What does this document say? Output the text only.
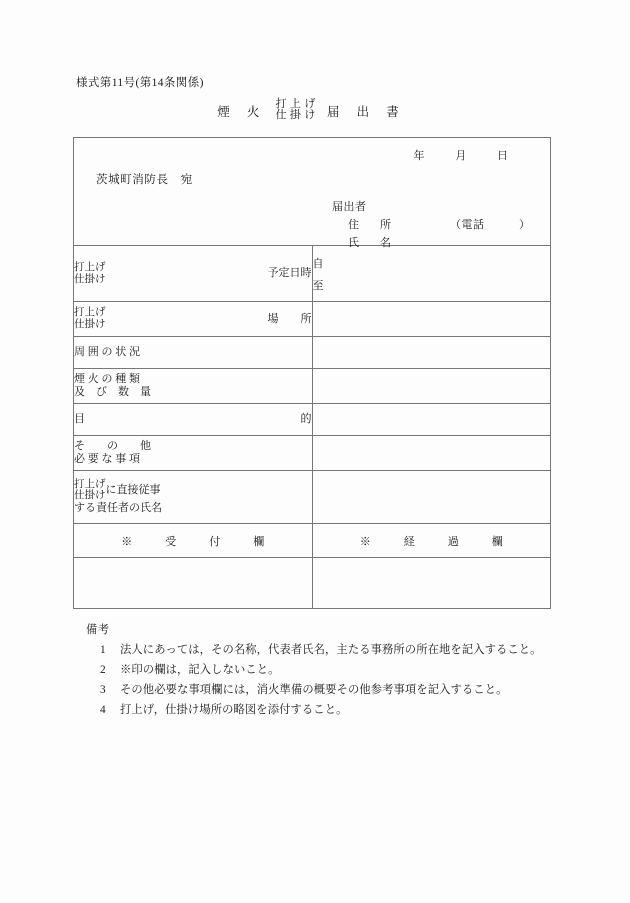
様式第11号(第14条関係)
煙 火
打上げ
仕掛け 届 出 書
年	月	日
茨城町消防長　宛
届出者
住　所	（電話　　　）
氏　名

打上げ
仕掛け 予定日時	自
至

打上げ
仕掛け 場　　所	

周 囲 の 状 況	

煙 火 の 種 類
及　び　数　量	

目 的	

そ　　の　　他
必 要 な 事 項	

打上げ
仕掛け
に直接従事
する責任者の氏名	

※　受　付　欄	※　経　過　欄

備考
1	法人にあっては，その名称，代表者氏名，主たる事務所の所在地を記入すること。
2	※印の欄は，記入しないこと。
3	その他必要な事項欄には，消火準備の概要その他参考事項を記入すること。
4	打上げ，仕掛け場所の略図を添付すること。
